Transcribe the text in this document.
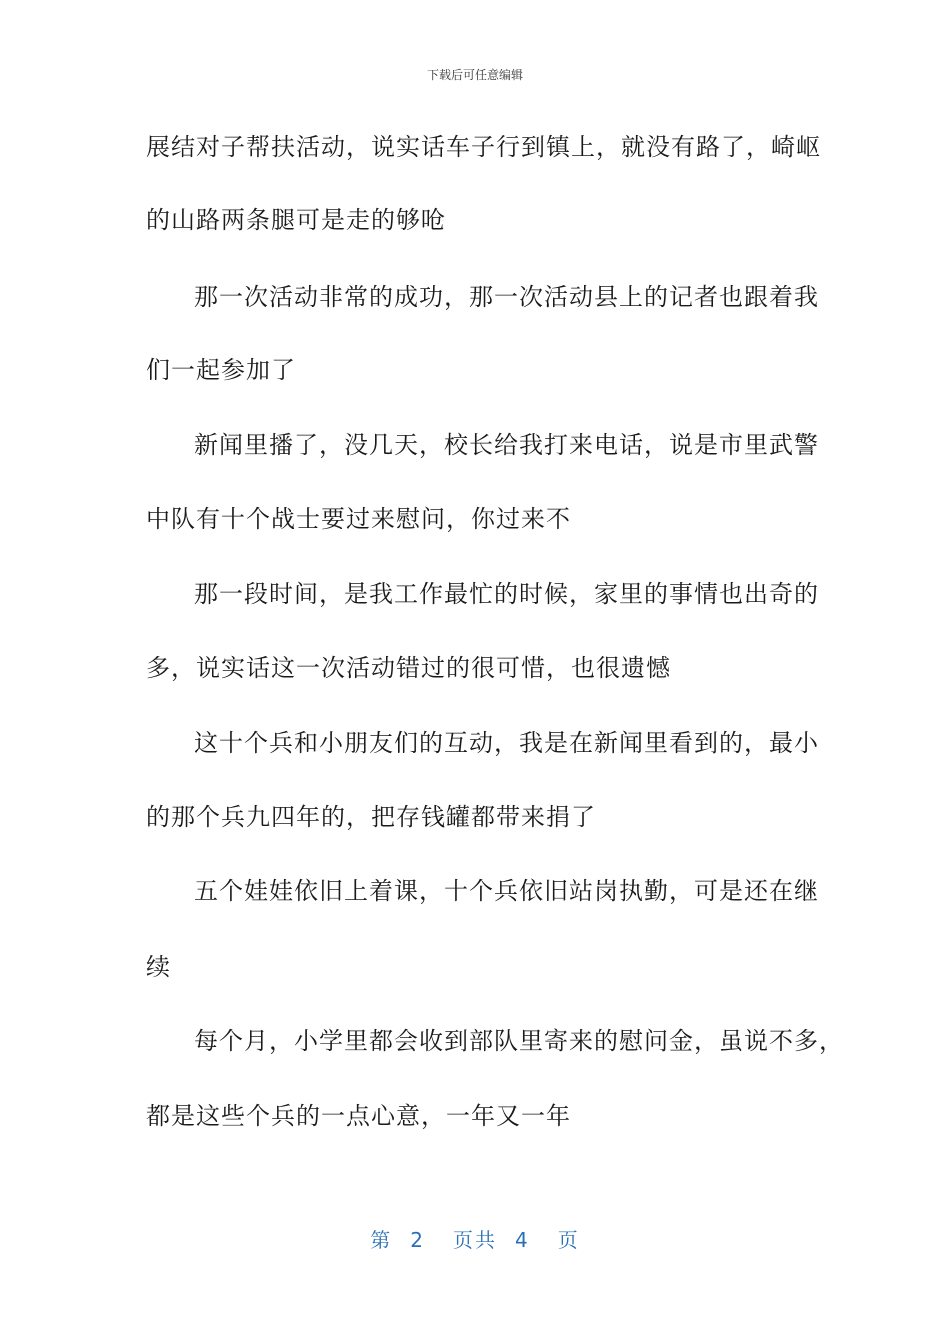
下载后可任意编辑
展结对子帮扶活动，说实话车子行到镇上，就没有路了，崎岖
的山路两条腿可是走的够呛
那一次活动非常的成功，那一次活动县上的记者也跟着我
们一起参加了
新闻里播了，没几天，校长给我打来电话，说是市里武警
中队有十个战士要过来慰问，你过来不
那一段时间，是我工作最忙的时候，家里的事情也出奇的
多，说实话这一次活动错过的很可惜，也很遗憾
这十个兵和小朋友们的互动，我是在新闻里看到的，最小
的那个兵九四年的，把存钱罐都带来捐了
五个娃娃依旧上着课，十个兵依旧站岗执勤，可是还在继
续
每个月，小学里都会收到部队里寄来的慰问金，虽说不多，
都是这些个兵的一点心意，一年又一年
第 2 页共 4 页
